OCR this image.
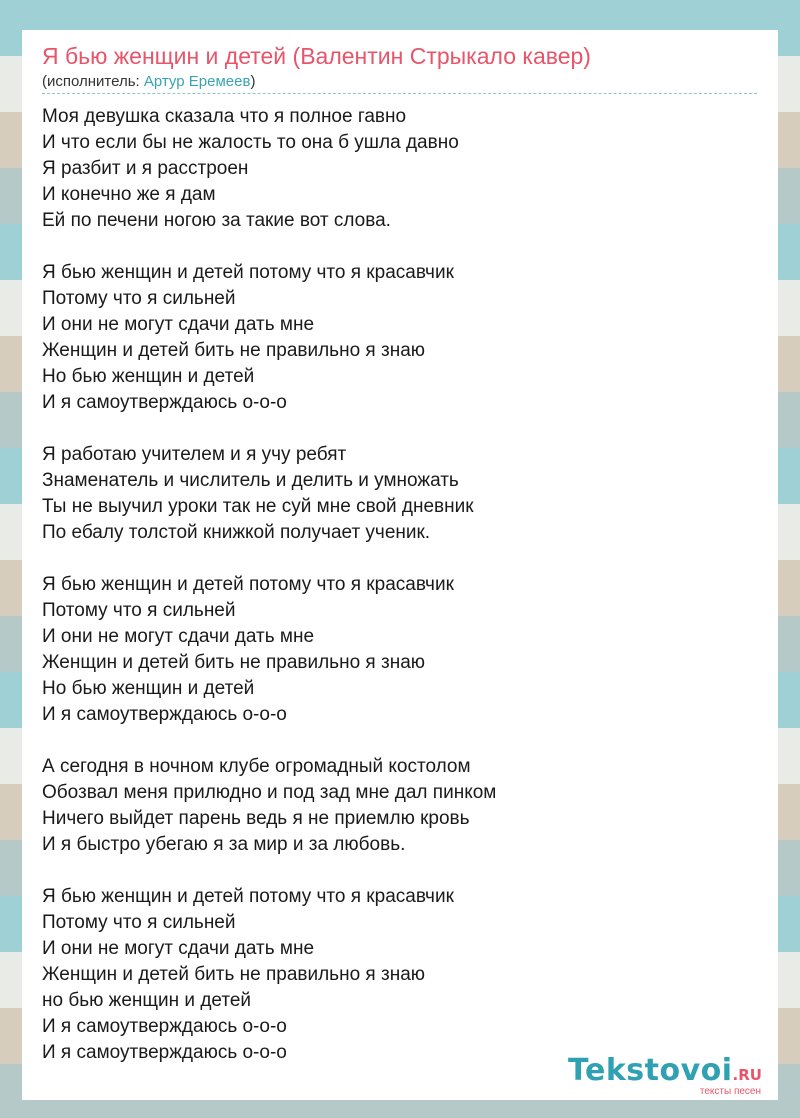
Я бью женщин и детей (Валентин Стрыкало кавер)
(исполнитель: Артур Еремеев)
Моя девушка сказала что я полное гавно
И что если бы не жалость то она б ушла давно
Я разбит и я расстроен
И конечно же я дам
Ей по печени ногою за такие вот слова.
Я бью женщин и детей потому что я красавчик
Потому что я сильней
И они не могут сдачи дать мне
Женщин и детей бить не правильно я знаю
Но бью женщин и детей
И я самоутверждаюсь о-о-о
Я работаю учителем и я учу ребят
Знаменатель и числитель и делить и умножать
Ты не выучил уроки так не суй мне свой дневник
По ебалу толстой книжкой получает ученик.
Я бью женщин и детей потому что я красавчик
Потому что я сильней
И они не могут сдачи дать мне
Женщин и детей бить не правильно я знаю
Но бью женщин и детей
И я самоутверждаюсь о-о-о
А сегодня в ночном клубе огромадный костолом
Обозвал меня прилюдно и под зад мне дал пинком
Ничего выйдет парень ведь я не приемлю кровь
И я быстро убегаю я за мир и за любовь.
Я бью женщин и детей потому что я красавчик
Потому что я сильней
И они не могут сдачи дать мне
Женщин и детей бить не правильно я знаю
но бью женщин и детей
И я самоутверждаюсь о-о-о
И я самоутверждаюсь о-о-о
Tekstovoi.RU
тексты песен
